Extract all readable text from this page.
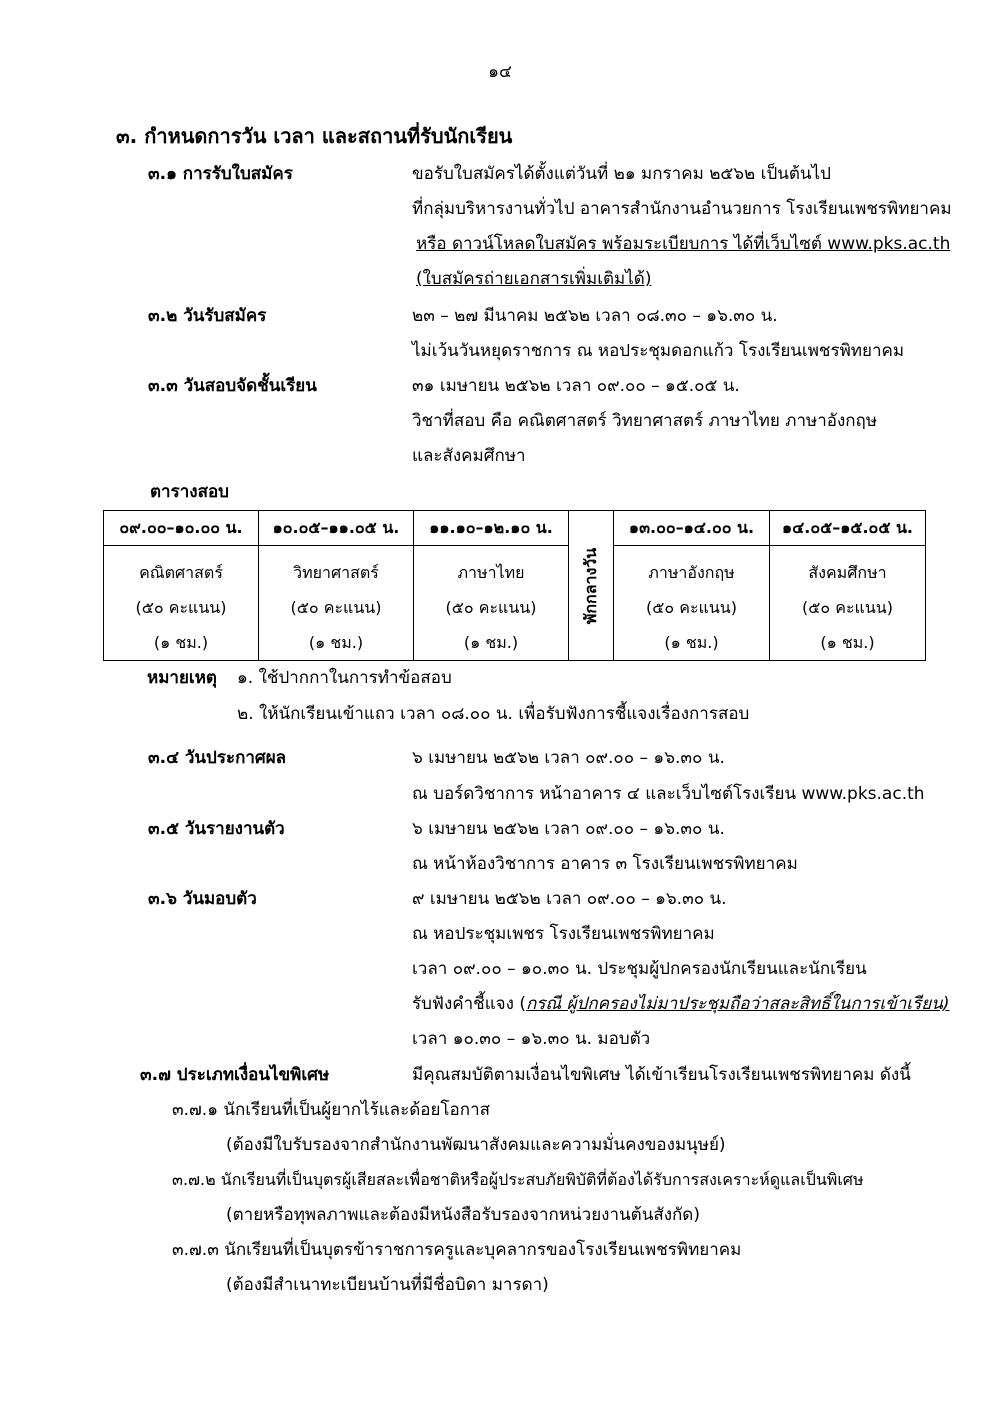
๑๔
๓. กำหนดการวัน เวลา และสถานที่รับนักเรียน
๓.๑ การรับใบสมัคร	ขอรับใบสมัครได้ตั้งแต่วันที่ ๒๑ มกราคม ๒๕๖๒ เป็นต้นไป
ที่กลุ่มบริหารงานทั่วไป อาคารสำนักงานอำนวยการ โรงเรียนเพชรพิทยาคม
หรือ ดาวน์โหลดใบสมัคร พร้อมระเบียบการ ได้ที่เว็บไซต์ www.pks.ac.th
(ใบสมัครถ่ายเอกสารเพิ่มเติมได้)
๓.๒ วันรับสมัคร	๒๓ – ๒๗ มีนาคม ๒๕๖๒ เวลา ๐๘.๓๐ – ๑๖.๓๐ น.
ไม่เว้นวันหยุดราชการ ณ หอประชุมดอกแก้ว โรงเรียนเพชรพิทยาคม
๓.๓ วันสอบจัดชั้นเรียน	๓๑ เมษายน ๒๕๖๒ เวลา ๐๙.๐๐ – ๑๕.๐๕ น.
วิชาที่สอบ คือ คณิตศาสตร์ วิทยาศาสตร์ ภาษาไทย ภาษาอังกฤษ
และสังคมศึกษา
ตารางสอบ
๐๙.๐๐–๑๐.๐๐ น.	๑๐.๐๕–๑๑.๐๕ น.	๑๑.๑๐–๑๒.๑๐ น.	พักกลางวัน	๑๓.๐๐–๑๔.๐๐ น.	๑๔.๐๕–๑๕.๐๕ น.

คณิตศาสตร์
(๕๐ คะแนน)
(๑ ชม.)	วิทยาศาสตร์
(๕๐ คะแนน)
(๑ ชม.)	ภาษาไทย
(๕๐ คะแนน)
(๑ ชม.)		ภาษาอังกฤษ
(๕๐ คะแนน)
(๑ ชม.)	สังคมศึกษา
(๕๐ คะแนน)
(๑ ชม.)
หมายเหตุ ๑. ใช้ปากกาในการทำข้อสอบ
๒. ให้นักเรียนเข้าแถว เวลา ๐๘.๐๐ น. เพื่อรับฟังการชี้แจงเรื่องการสอบ
๓.๔ วันประกาศผล	๖ เมษายน ๒๕๖๒ เวลา ๐๙.๐๐ – ๑๖.๓๐ น.
ณ บอร์ดวิชาการ หน้าอาคาร ๔ และเว็บไซต์โรงเรียน www.pks.ac.th
๓.๕ วันรายงานตัว	๖ เมษายน ๒๕๖๒ เวลา ๐๙.๐๐ – ๑๖.๓๐ น.
ณ หน้าห้องวิชาการ อาคาร ๓ โรงเรียนเพชรพิทยาคม
๓.๖ วันมอบตัว	๙ เมษายน ๒๕๖๒ เวลา ๐๙.๐๐ – ๑๖.๓๐ น.
ณ หอประชุมเพชร โรงเรียนเพชรพิทยาคม
เวลา ๐๙.๐๐ – ๑๐.๓๐ น. ประชุมผู้ปกครองนักเรียนและนักเรียน
รับฟังคำชี้แจง (กรณี ผู้ปกครองไม่มาประชุมถือว่าสละสิทธิ์ในการเข้าเรียน)
เวลา ๑๐.๓๐ – ๑๖.๓๐ น. มอบตัว
๓.๗ ประเภทเงื่อนไขพิเศษ	มีคุณสมบัติตามเงื่อนไขพิเศษ ได้เข้าเรียนโรงเรียนเพชรพิทยาคม ดังนี้
๓.๗.๑ นักเรียนที่เป็นผู้ยากไร้และด้อยโอกาส
(ต้องมีใบรับรองจากสำนักงานพัฒนาสังคมและความมั่นคงของมนุษย์)
๓.๗.๒ นักเรียนที่เป็นบุตรผู้เสียสละเพื่อชาติหรือผู้ประสบภัยพิบัติที่ต้องได้รับการสงเคราะห์ดูแลเป็นพิเศษ
(ตายหรือทุพลภาพและต้องมีหนังสือรับรองจากหน่วยงานต้นสังกัด)
๓.๗.๓ นักเรียนที่เป็นบุตรข้าราชการครูและบุคลากรของโรงเรียนเพชรพิทยาคม
(ต้องมีสำเนาทะเบียนบ้านที่มีชื่อบิดา มารดา)
